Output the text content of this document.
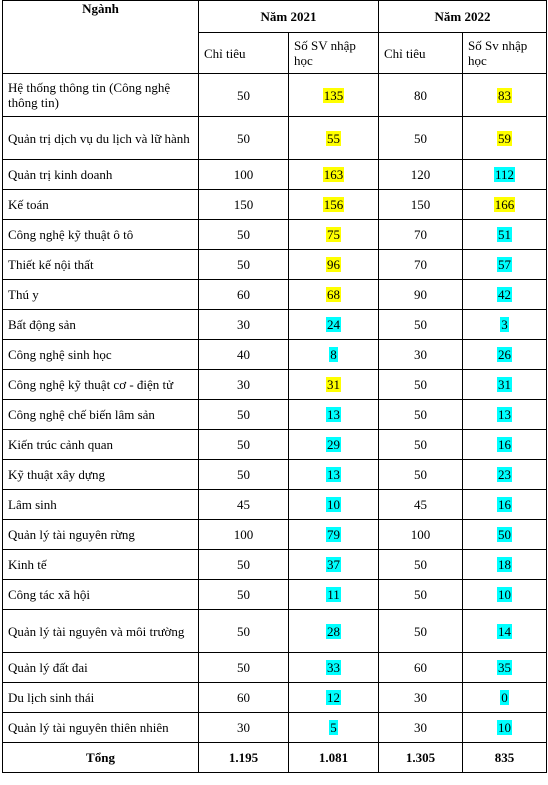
Ngành	Năm 2021		Năm 2022	
	Chỉ tiêu	Số SV nhập học	Chỉ tiêu	Số Sv nhập học
Hệ thống thông tin (Công nghệ thông tin)	50	135	80	83
Quản trị dịch vụ du lịch và lữ hành	50	55	50	59
Quản trị kinh doanh	100	163	120	112
Kế toán	150	156	150	166
Công nghệ kỹ thuật ô tô	50	75	70	51
Thiết kế nội thất	50	96	70	57
Thú y	60	68	90	42
Bất động sản	30	24	50	3
Công nghệ sinh học	40	8	30	26
Công nghệ kỹ thuật cơ - điện tử	30	31	50	31
Công nghệ chế biến lâm sản	50	13	50	13
Kiến trúc cảnh quan	50	29	50	16
Kỹ thuật xây dựng	50	13	50	23
Lâm sinh	45	10	45	16
Quản lý tài nguyên rừng	100	79	100	50
Kinh tế	50	37	50	18
Công tác xã hội	50	11	50	10
Quản lý tài nguyên và môi trường	50	28	50	14
Quản lý đất đai	50	33	60	35
Du lịch sinh thái	60	12	30	0
Quản lý tài nguyên thiên nhiên	30	5	30	10
Tổng	1.195	1.081	1.305	835
